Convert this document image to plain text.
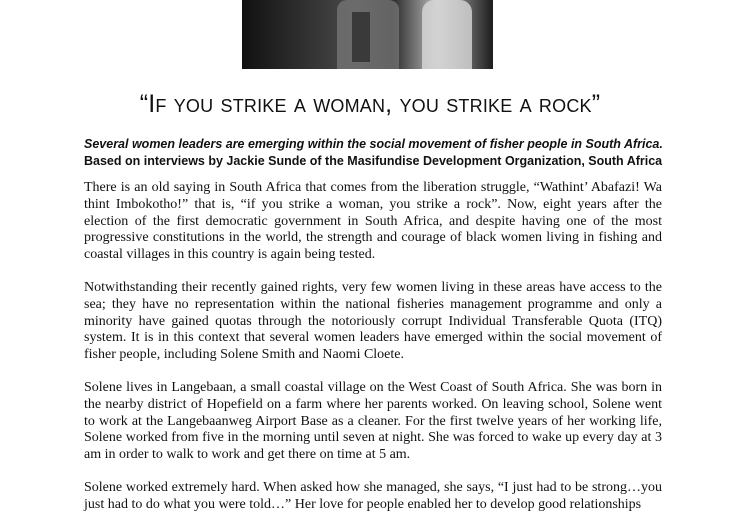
“If you strike a woman, you strike a rock”

Several women leaders are emerging within the social movement of fisher people in South Africa. Based on interviews by Jackie Sunde of the Masifundise Development Organization, South Africa

There is an old saying in South Africa that comes from the liberation struggle, “Wathint’ Abafazi! Wa thint Imbokotho!” that is, “if you strike a woman, you strike a rock”. Now, eight years after the election of the first democratic government in South Africa, and despite having one of the most progressive constitutions in the world, the strength and courage of black women living in fishing and coastal villages in this country is again being tested.

Notwithstanding their recently gained rights, very few women living in these areas have access to the sea; they have no representation within the national fisheries management programme and only a minority have gained quotas through the notoriously corrupt Individual Transferable Quota (ITQ) system. It is in this context that several women leaders have emerged within the social movement of fisher people, including Solene Smith and Naomi Cloete.

Solene lives in Langebaan, a small coastal village on the West Coast of South Africa. She was born in the nearby district of Hopefield on a farm where her parents worked. On leaving school, Solene went to work at the Langebaanweg Airport Base as a cleaner. For the first twelve years of her working life, Solene worked from five in the morning until seven at night. She was forced to wake up every day at 3 am in order to walk to work and get there on time at 5 am.

Solene worked extremely hard. When asked how she managed, she says, “I just had to be strong…you just had to do what you were told…” Her love for people enabled her to develop good relationships
